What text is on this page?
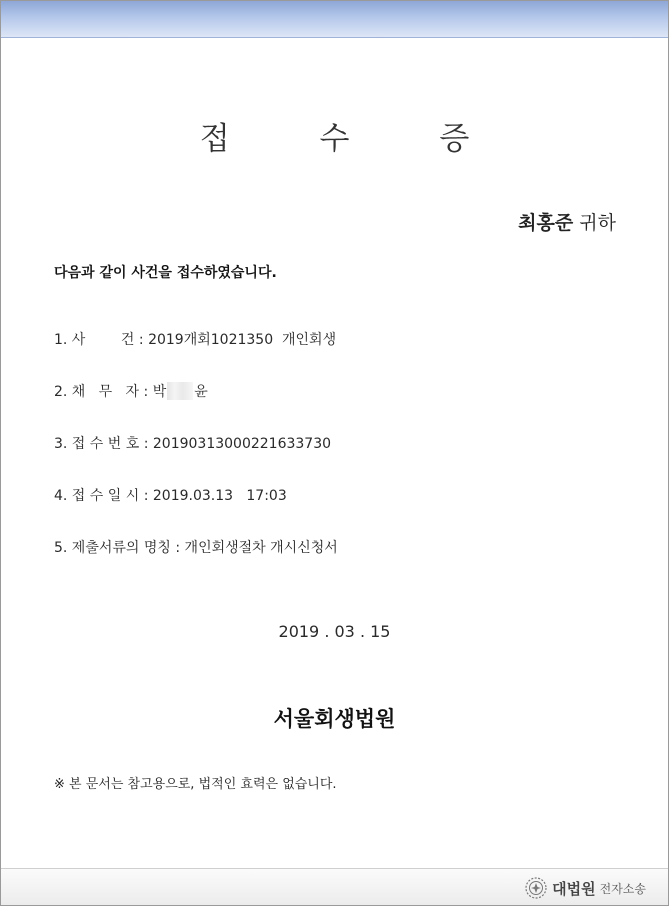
접 수 증
최홍준 귀하
다음과 같이 사건을 접수하였습니다.
1. 사        건 : 2019개회1021350  개인회생
2. 채   무   자 : 박 윤
3. 접 수 번 호 : 20190313000221633730
4. 접 수 일 시 : 2019.03.13   17:03
5. 제출서류의 명칭 : 개인회생절차 개시신청서
2019 . 03 . 15
서울회생법원
※ 본 문서는 참고용으로, 법적인 효력은 없습니다.
대법원 전자소송
